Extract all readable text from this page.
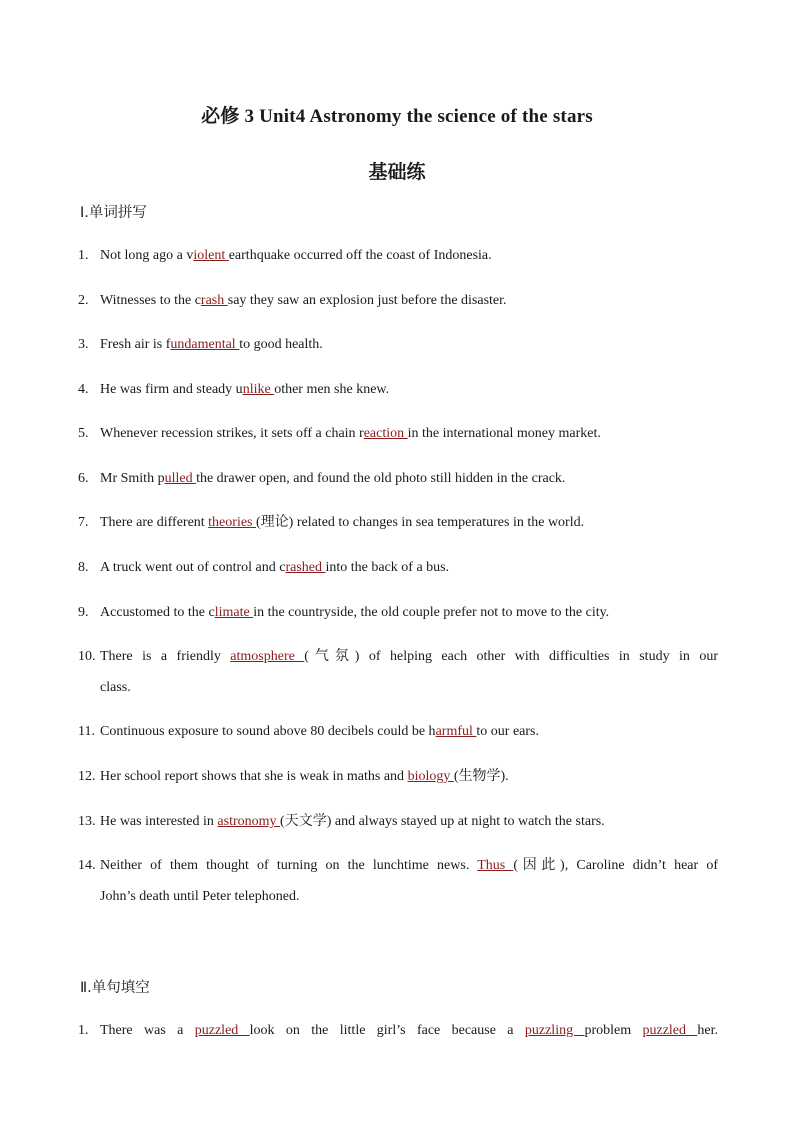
必修 3 Unit4 Astronomy the science of the stars
基础练
Ⅰ.单词拼写
1. Not long ago a violent earthquake occurred off the coast of Indonesia.
2. Witnesses to the crash say they saw an explosion just before the disaster.
3. Fresh air is fundamental to good health.
4. He was firm and steady unlike other men she knew.
5. Whenever recession strikes, it sets off a chain reaction in the international money market.
6. Mr Smith pulled the drawer open, and found the old photo still hidden in the crack.
7. There are different theories (理论) related to changes in sea temperatures in the world.
8. A truck went out of control and crashed into the back of a bus.
9. Accustomed to the climate in the countryside, the old couple prefer not to move to the city.
10. There is a friendly atmosphere (气氛) of helping each other with difficulties in study in our
class.
11. Continuous exposure to sound above 80 decibels could be harmful to our ears.
12. Her school report shows that she is weak in maths and biology (生物学).
13. He was interested in astronomy (天文学) and always stayed up at night to watch the stars.
14. Neither of them thought of turning on the lunchtime news. Thus (因此), Caroline didn’t hear of
John’s death until Peter telephoned.
Ⅱ.单句填空
1. There was a puzzled look on the little girl’s face because a puzzling problem puzzled her.
